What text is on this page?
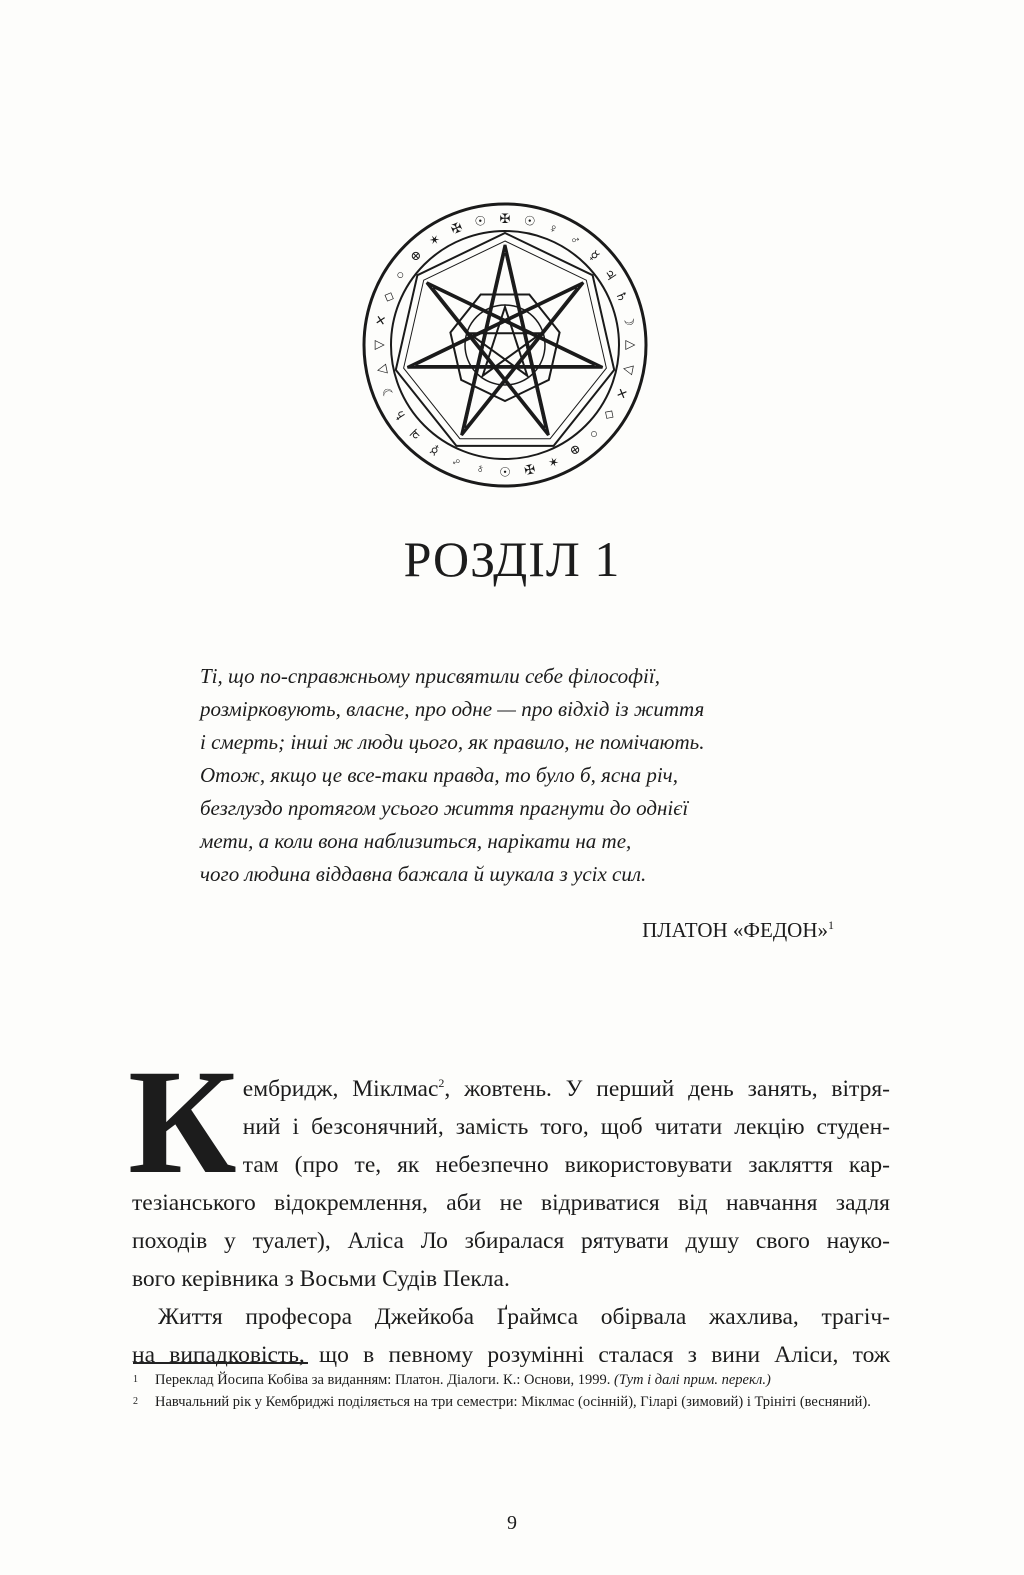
✠ ☉ ♀
♂
☿
♃
♄
☽
△
▽
✕
◇
○
⊕
✶
✠
☉
♀
♂
☿
♃
♄
☽
△
▽
✕
◇
○
⊕
✶
✠ ☉
РОЗДІЛ 1
Ті, що по-справжньому присвятили себе філософії,
розмірковують, власне, про одне — про відхід із життя
і смерть; інші ж люди цього, як правило, не помічають.
Отож, якщо це все-таки правда, то було б, ясна річ,
безглуздо протягом усього життя прагнути до однієї
мети, а коли вона наблизиться, нарікати на те,
чого людина віддавна бажала й шукала з усіх сил.
ПЛАТОН «ФЕДОН»$^1$
К ембридж, Міклмас$^2$, жовтень. У перший день занять, вітря-
ний і безсонячний, замість того, щоб читати лекцію студен-
там (про те, як небезпечно використовувати закляття кар-
тезіанського відокремлення, аби не відриватися від навчання задля
походів у туалет), Аліса Ло збиралася рятувати душу свого науко-
вого керівника з Восьми Судів Пекла.
Життя професора Джейкоба Ґраймса обірвала жахлива, трагіч-
на випадковість, що в певному розумінні сталася з вини Аліси, тож
1 Переклад Йосипа Кобіва за виданням: Платон. Діалоги. К.: Основи, 1999. (Тут і далі прим. перекл.)
2 Навчальний рік у Кембриджі поділяється на три семестри: Міклмас (осінній), Гіларі (зимовий) і Трініті (весняний).
9
